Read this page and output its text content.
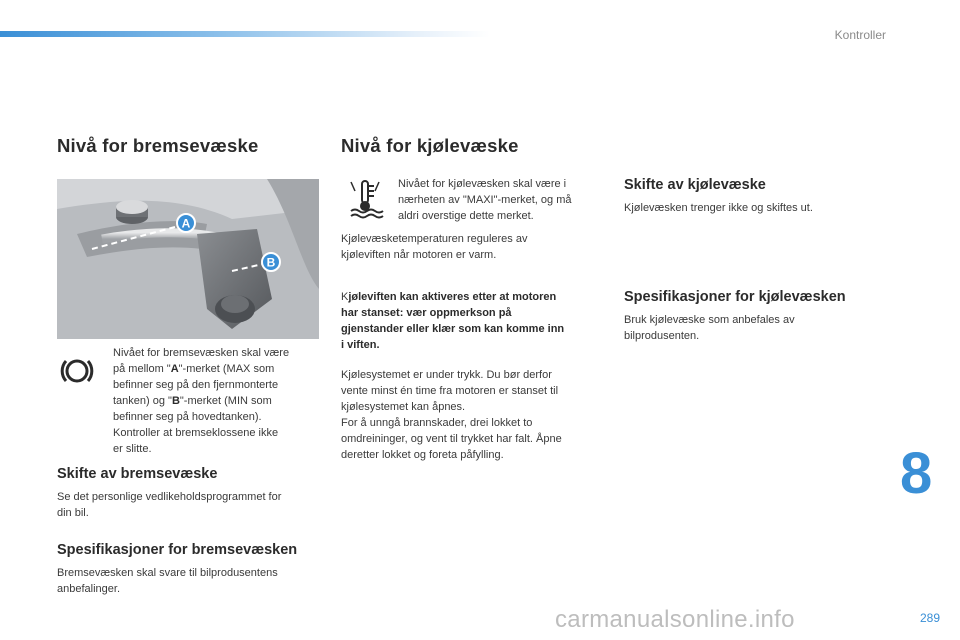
Kontroller
Nivå for bremsevæske
A
B

Nivået for bremsevæsken skal være
på mellom "A"-merket (MAX som
befinner seg på den fjernmonterte
tanken) og "B"-merket (MIN som
befinner seg på hovedtanken).
Kontroller at bremseklossene ikke
er slitte.

Skifte av bremsevæske

Se det personlige vedlikeholdsprogrammet for
din bil.

Spesifikasjoner for bremsevæsken

Bremsevæsken skal svare til bilprodusentens
anbefalinger.

Nivå for kjølevæske

Nivået for kjølevæsken skal være i
nærheten av "MAXI"-merket, og må
aldri overstige dette merket.

Kjølevæsketemperaturen reguleres av
kjøleviften når motoren er varm.

Kjøleviften kan aktiveres etter at motoren
har stanset: vær oppmerkson på
gjenstander eller klær som kan komme inn
i viften.

Kjølesystemet er under trykk. Du bør derfor
vente minst én time fra motoren er stanset til
kjølesystemet kan åpnes.
For å unngå brannskader, drei lokket to
omdreininger, og vent til trykket har falt. Åpne
deretter lokket og foreta påfylling.

Skifte av kjølevæske

Kjølevæsken trenger ikke og skiftes ut.

Spesifikasjoner for kjølevæsken

Bruk kjølevæske som anbefales av
bilprodusenten.

8
carmanualsonline.info	289
